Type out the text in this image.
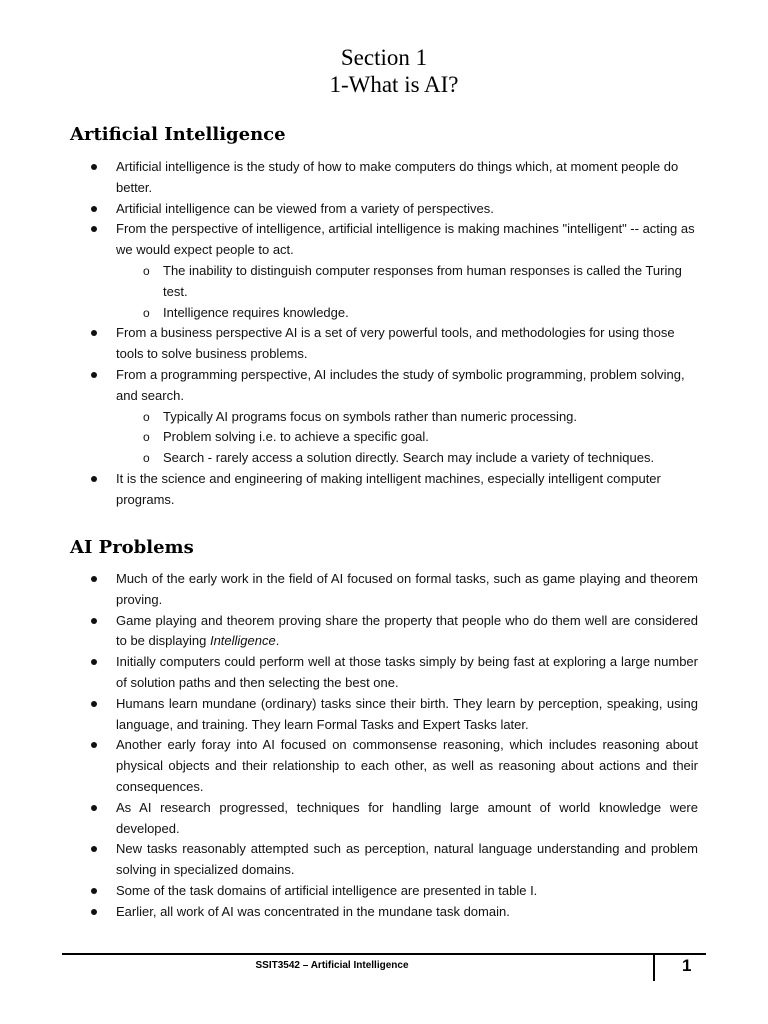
Section 1
1-What is AI?
Artificial Intelligence
Artificial intelligence is the study of how to make computers do things which, at moment people do better.
Artificial intelligence can be viewed from a variety of perspectives.
From the perspective of intelligence, artificial intelligence is making machines "intelligent" -- acting as we would expect people to act.
o The inability to distinguish computer responses from human responses is called the Turing test.
o Intelligence requires knowledge.
From a business perspective AI is a set of very powerful tools, and methodologies for using those tools to solve business problems.
From a programming perspective, AI includes the study of symbolic programming, problem solving, and search.
o Typically AI programs focus on symbols rather than numeric processing.
o Problem solving i.e. to achieve a specific goal.
o Search - rarely access a solution directly. Search may include a variety of techniques.
It is the science and engineering of making intelligent machines, especially intelligent computer programs.
AI Problems
Much of the early work in the field of AI focused on formal tasks, such as game playing and theorem proving.
Game playing and theorem proving share the property that people who do them well are considered to be displaying Intelligence.
Initially computers could perform well at those tasks simply by being fast at exploring a large number of solution paths and then selecting the best one.
Humans learn mundane (ordinary) tasks since their birth. They learn by perception, speaking, using language, and training. They learn Formal Tasks and Expert Tasks later.
Another early foray into AI focused on commonsense reasoning, which includes reasoning about physical objects and their relationship to each other, as well as reasoning about actions and their consequences.
As AI research progressed, techniques for handling large amount of world knowledge were developed.
New tasks reasonably attempted such as perception, natural language understanding and problem solving in specialized domains.
Some of the task domains of artificial intelligence are presented in table I.
Earlier, all work of AI was concentrated in the mundane task domain.
SSIT3542 – Artificial Intelligence	1
